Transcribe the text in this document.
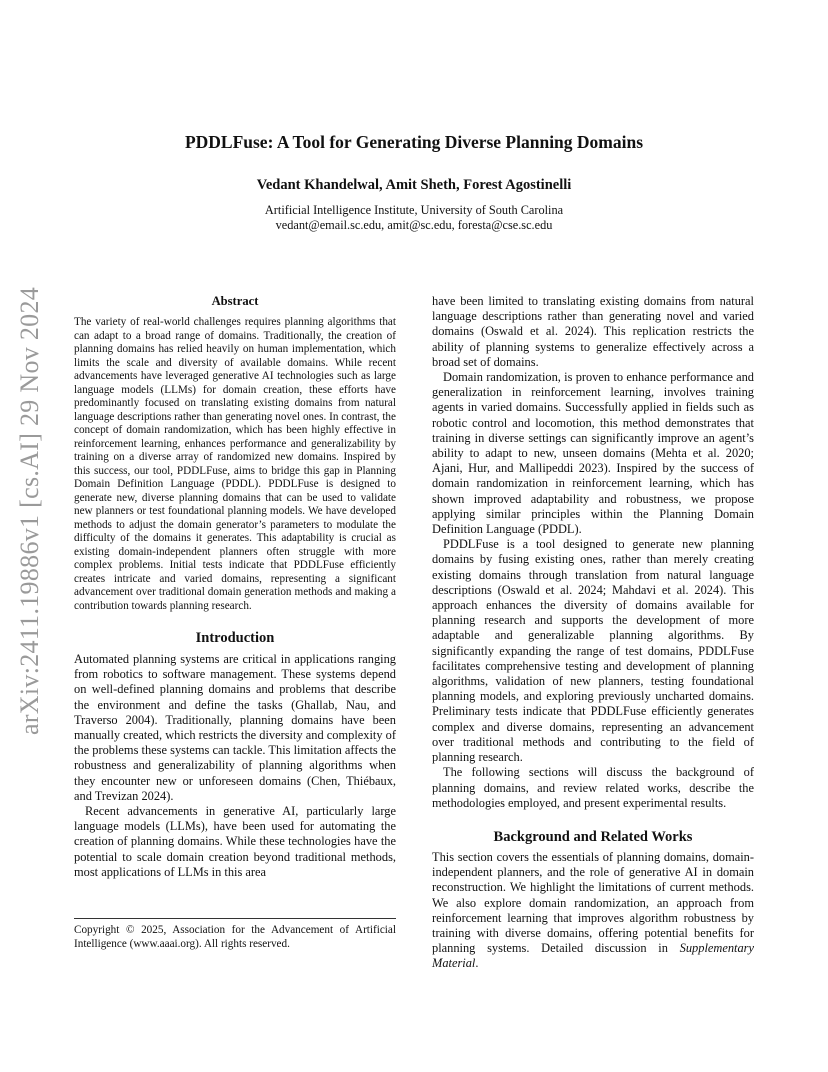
arXiv:2411.19886v1 [cs.AI] 29 Nov 2024
PDDLFuse: A Tool for Generating Diverse Planning Domains
Vedant Khandelwal, Amit Sheth, Forest Agostinelli
Artificial Intelligence Institute, University of South Carolina
vedant@email.sc.edu, amit@sc.edu, foresta@cse.sc.edu
Abstract

The variety of real-world challenges requires planning algorithms that can adapt to a broad range of domains. Traditionally, the creation of planning domains has relied heavily on human implementation, which limits the scale and diversity of available domains. While recent advancements have leveraged generative AI technologies such as large language models (LLMs) for domain creation, these efforts have predominantly focused on translating existing domains from natural language descriptions rather than generating novel ones. In contrast, the concept of domain randomization, which has been highly effective in reinforcement learning, enhances performance and generalizability by training on a diverse array of randomized new domains. Inspired by this success, our tool, PDDLFuse, aims to bridge this gap in Planning Domain Definition Language (PDDL). PDDLFuse is designed to generate new, diverse planning domains that can be used to validate new planners or test foundational planning models. We have developed methods to adjust the domain generator’s parameters to modulate the difficulty of the domains it generates. This adaptability is crucial as existing domain-independent planners often struggle with more complex problems. Initial tests indicate that PDDLFuse efficiently creates intricate and varied domains, representing a significant advancement over traditional domain generation methods and making a contribution towards planning research.

Introduction

Automated planning systems are critical in applications ranging from robotics to software management. These systems depend on well-defined planning domains and problems that describe the environment and define the tasks (Ghallab, Nau, and Traverso 2004). Traditionally, planning domains have been manually created, which restricts the diversity and complexity of the problems these systems can tackle. This limitation affects the robustness and generalizability of planning algorithms when they encounter new or unforeseen domains (Chen, Thiébaux, and Trevizan 2024).

Recent advancements in generative AI, particularly large language models (LLMs), have been used for automating the creation of planning domains. While these technologies have the potential to scale domain creation beyond traditional methods, most applications of LLMs in this area

Copyright © 2025, Association for the Advancement of Artificial Intelligence (www.aaai.org). All rights reserved.

have been limited to translating existing domains from natural language descriptions rather than generating novel and varied domains (Oswald et al. 2024). This replication restricts the ability of planning systems to generalize effectively across a broad set of domains.

Domain randomization, is proven to enhance performance and generalization in reinforcement learning, involves training agents in varied domains. Successfully applied in fields such as robotic control and locomotion, this method demonstrates that training in diverse settings can significantly improve an agent’s ability to adapt to new, unseen domains (Mehta et al. 2020; Ajani, Hur, and Mallipeddi 2023). Inspired by the success of domain randomization in reinforcement learning, which has shown improved adaptability and robustness, we propose applying similar principles within the Planning Domain Definition Language (PDDL).

PDDLFuse is a tool designed to generate new planning domains by fusing existing ones, rather than merely creating existing domains through translation from natural language descriptions (Oswald et al. 2024; Mahdavi et al. 2024). This approach enhances the diversity of domains available for planning research and supports the development of more adaptable and generalizable planning algorithms. By significantly expanding the range of test domains, PDDLFuse facilitates comprehensive testing and development of planning algorithms, validation of new planners, testing foundational planning models, and exploring previously uncharted domains. Preliminary tests indicate that PDDLFuse efficiently generates complex and diverse domains, representing an advancement over traditional methods and contributing to the field of planning research.

The following sections will discuss the background of planning domains, and review related works, describe the methodologies employed, and present experimental results.

Background and Related Works

This section covers the essentials of planning domains, domain-independent planners, and the role of generative AI in domain reconstruction. We highlight the limitations of current methods. We also explore domain randomization, an approach from reinforcement learning that improves algorithm robustness by training with diverse domains, offering potential benefits for planning systems. Detailed discussion in Supplementary Material.
